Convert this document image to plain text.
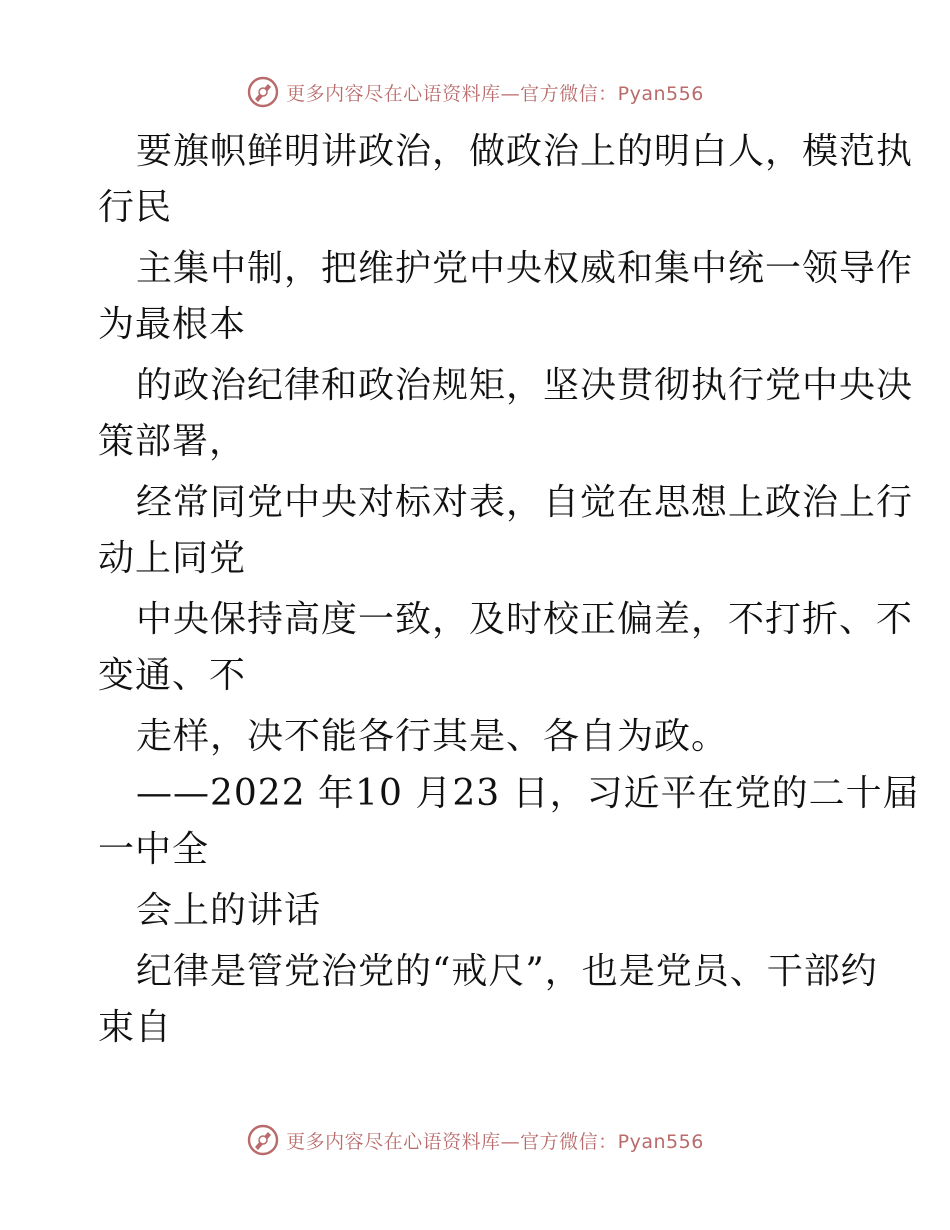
更多内容尽在心语资料库—官方微信：Pyan556
要旗帜鲜明讲政治，做政治上的明白人，模范执
行民
主集中制，把维护党中央权威和集中统一领导作
为最根本
的政治纪律和政治规矩，坚决贯彻执行党中央决
策部署，
经常同党中央对标对表，自觉在思想上政治上行
动上同党
中央保持高度一致，及时校正偏差，不打折、不
变通、不
走样，决不能各行其是、各自为政。
——2022 年10 月23 日，习近平在党的二十届
一中全
会上的讲话
纪律是管党治党的“戒尺”，也是党员、干部约
束自
更多内容尽在心语资料库—官方微信：Pyan556
